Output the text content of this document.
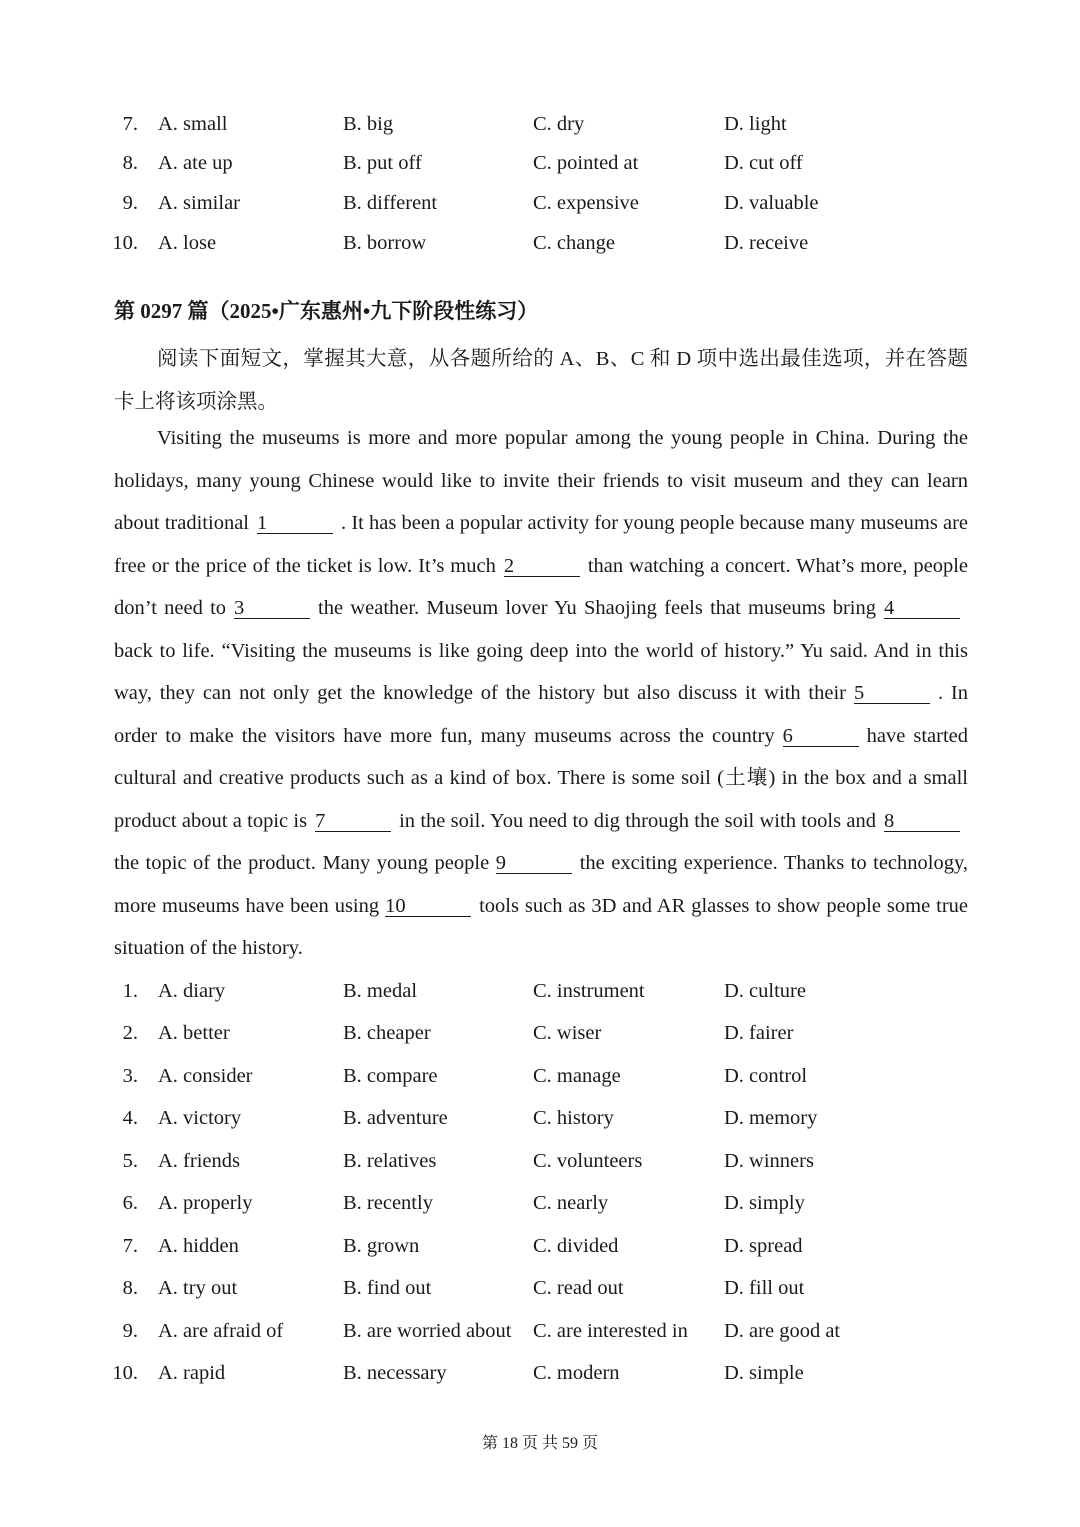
7. A. small	B. big	C. dry	D. light
8. A. ate up	B. put off	C. pointed at	D. cut off
9. A. similar	B. different	C. expensive	D. valuable
10. A. lose	B. borrow	C. change	D. receive
第 0297 篇（2025•广东惠州•九下阶段性练习）

阅读下面短文，掌握其大意，从各题所给的 A、B、C 和 D 项中选出最佳选项，并在答题卡上将该项涂黑。

Visiting the museums is more and more popular among the young people in China. During the holidays, many young Chinese would like to invite their friends to visit museum and they can learn about traditional 1	. It has been a popular activity for young people because many museums are free or the price of the ticket is low. It’s much 2	than watching a concert. What’s more, people don’t need to 3	the weather. Museum lover Yu Shaojing feels that museums bring 4back to life. “Visiting the museums is like going deep into the world of history.” Yu said. And in this way, they can not only get the knowledge of the history but also discuss it with their 5	. In order to make the visitors have more fun, many museums across the country 6	have started cultural and creative products such as a kind of box. There is some soil (土壤) in the box and a small product about a topic is 7	in the soil. You need to dig through the soil with tools and 8the topic of the product. Many young people 9	the exciting experience. Thanks to technology, more museums have been using 10	tools such as 3D and AR glasses to show people some true situation of the history.

1. A. diary	B. medal	C. instrument	D. culture
2. A. better	B. cheaper	C. wiser	D. fairer
3. A. consider	B. compare	C. manage	D. control
4. A. victory	B. adventure	C. history	D. memory
5. A. friends	B. relatives	C. volunteers	D. winners
6. A. properly	B. recently	C. nearly	D. simply
7. A. hidden	B. grown	C. divided	D. spread
8. A. try out	B. find out	C. read out	D. fill out
9. A. are afraid of	B. are worried about C. are interested in D. are good at
10. A. rapid	B. necessary	C. modern	D. simple
第 18 页 共 59 页
